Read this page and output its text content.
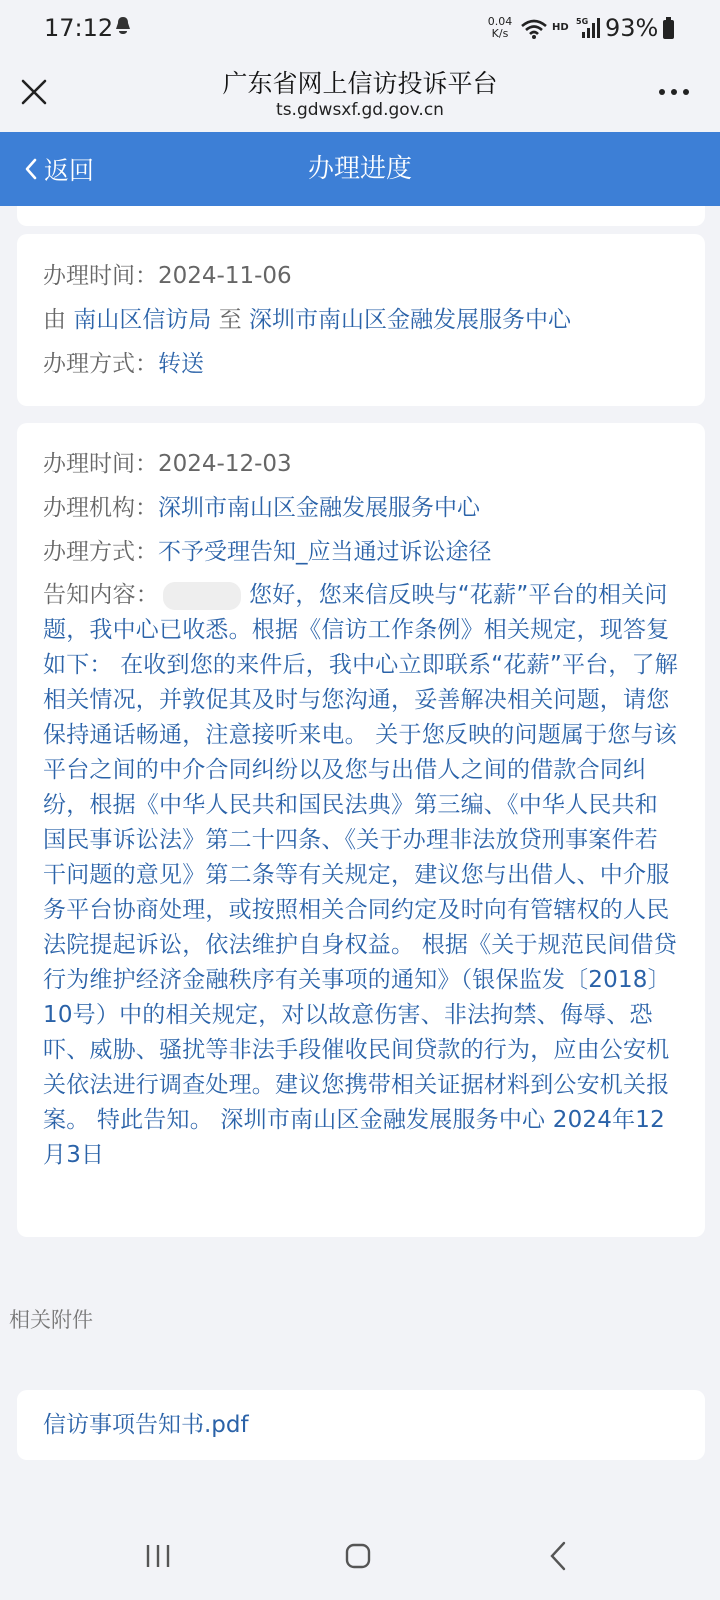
17:12	0.04
K/s	HD
5G 93%
广东省网上信访投诉平台
ts.gdwsxf.gd.gov.cn
办理进度
返回
办理时间：2024-11-06
由 南山区信访局 至 深圳市南山区金融发展服务中心
办理方式：转送
办理时间：2024-12-03
办理机构：深圳市南山区金融发展服务中心
办理方式：不予受理告知_应当通过诉讼途径
告知内容：	您好，您来信反映与“花薪”平台的相关问题，我中心已收悉。根据《信访工作条例》相关规定，现答复如下： 在收到您的来件后，我中心立即联系“花薪”平台，了解相关情况，并敦促其及时与您沟通，妥善解决相关问题，请您保持通话畅通，注意接听来电。 关于您反映的问题属于您与该平台之间的中介合同纠纷以及您与出借人之间的借款合同纠纷，根据《中华人民共和国民法典》第三编、《中华人民共和国民事诉讼法》第二十四条、《关于办理非法放贷刑事案件若干问题的意见》第二条等有关规定，建议您与出借人、中介服务平台协商处理，或按照相关合同约定及时向有管辖权的人民法院提起诉讼，依法维护自身权益。 根据《关于规范民间借贷行为维护经济金融秩序有关事项的通知》（银保监发〔2018〕10号）中的相关规定，对以故意伤害、非法拘禁、侮辱、恐吓、威胁、骚扰等非法手段催收民间贷款的行为，应由公安机关依法进行调查处理。建议您携带相关证据材料到公安机关报案。 特此告知。 深圳市南山区金融发展服务中心 2024年12月3日
相关附件
信访事项告知书.pdf
